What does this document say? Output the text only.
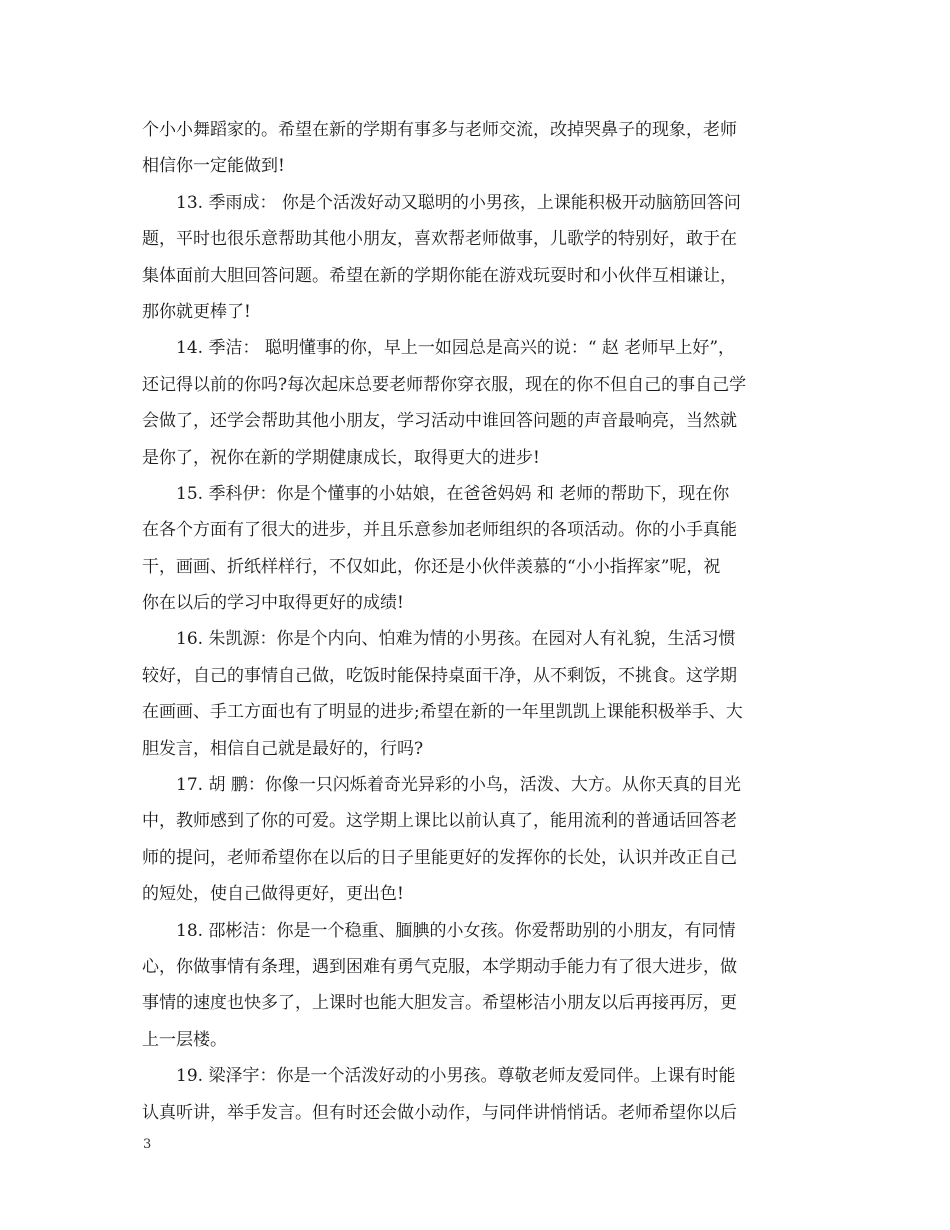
个小小舞蹈家的。希望在新的学期有事多与老师交流，改掉哭鼻子的现象，老师
相信你一定能做到!
13. 季雨成： 你是个活泼好动又聪明的小男孩，上课能积极开动脑筋回答问
题，平时也很乐意帮助其他小朋友，喜欢帮老师做事，儿歌学的特别好，敢于在
集体面前大胆回答问题。希望在新的学期你能在游戏玩耍时和小伙伴互相谦让，
那你就更棒了!
14. 季洁： 聪明懂事的你，早上一如园总是高兴的说：“ 赵 老师早上好”，
还记得以前的你吗?每次起床总要老师帮你穿衣服，现在的你不但自己的事自己学
会做了，还学会帮助其他小朋友，学习活动中谁回答问题的声音最响亮，当然就
是你了，祝你在新的学期健康成长，取得更大的进步!
15. 季科伊：你是个懂事的小姑娘，在爸爸妈妈 和 老师的帮助下，现在你
在各个方面有了很大的进步，并且乐意参加老师组织的各项活动。你的小手真能
干，画画、折纸样样行，不仅如此，你还是小伙伴羡慕的“小小指挥家”呢，祝
你在以后的学习中取得更好的成绩!
16. 朱凯源：你是个内向、怕难为情的小男孩。在园对人有礼貌，生活习惯
较好，自己的事情自己做，吃饭时能保持桌面干净，从不剩饭，不挑食。这学期
在画画、手工方面也有了明显的进步;希望在新的一年里凯凯上课能积极举手、大
胆发言，相信自己就是最好的，行吗?
17. 胡 鹏：你像一只闪烁着奇光异彩的小鸟，活泼、大方。从你天真的目光
中，教师感到了你的可爱。这学期上课比以前认真了，能用流利的普通话回答老
师的提问，老师希望你在以后的日子里能更好的发挥你的长处，认识并改正自己
的短处，使自己做得更好，更出色!
18. 邵彬洁：你是一个稳重、腼腆的小女孩。你爱帮助别的小朋友，有同情
心，你做事情有条理，遇到困难有勇气克服，本学期动手能力有了很大进步，做
事情的速度也快多了，上课时也能大胆发言。希望彬洁小朋友以后再接再厉，更
上一层楼。
19. 梁泽宇：你是一个活泼好动的小男孩。尊敬老师友爱同伴。上课有时能
认真听讲，举手发言。但有时还会做小动作，与同伴讲悄悄话。老师希望你以后
3
